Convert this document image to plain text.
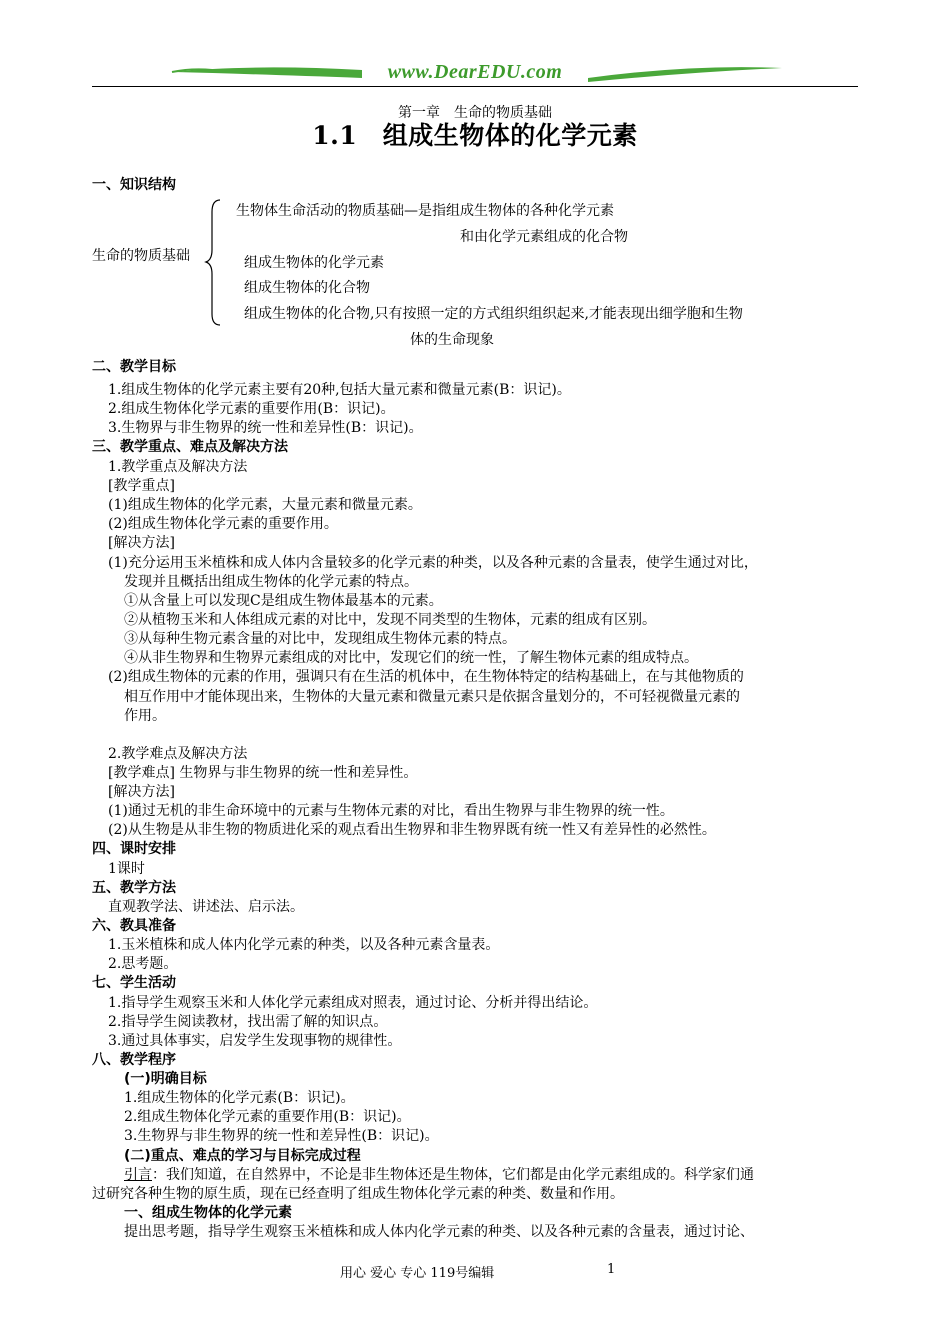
www.DearEDU.com
第一章　生命的物质基础
1.1　组成生物体的化学元素
一、知识结构
生命的物质基础
生物体生命活动的物质基础—是指组成生物体的各种化学元素
和由化学元素组成的化合物
组成生物体的化学元素
组成生物体的化合物
组成生物体的化合物,只有按照一定的方式组织组织起来,才能表现出细学胞和生物
体的生命现象
二、教学目标
1.组成生物体的化学元素主要有20种,包括大量元素和微量元素(B：识记)。
2.组成生物体化学元素的重要作用(B：识记)。
3.生物界与非生物界的统一性和差异性(B：识记)。
三、教学重点、难点及解决方法
1.教学重点及解决方法
[教学重点]
(1)组成生物体的化学元素，大量元素和微量元素。
(2)组成生物体化学元素的重要作用。
[解决方法]
(1)充分运用玉米植株和成人体内含量较多的化学元素的种类，以及各种元素的含量表，使学生通过对比，
发现并且概括出组成生物体的化学元素的特点。
①从含量上可以发现C是组成生物体最基本的元素。
②从植物玉米和人体组成元素的对比中，发现不同类型的生物体，元素的组成有区别。
③从每种生物元素含量的对比中，发现组成生物体元素的特点。
④从非生物界和生物界元素组成的对比中，发现它们的统一性，了解生物体元素的组成特点。
(2)组成生物体的元素的作用，强调只有在生活的机体中，在生物体特定的结构基础上，在与其他物质的
相互作用中才能体现出来，生物体的大量元素和微量元素只是依据含量划分的，不可轻视微量元素的
作用。
2.教学难点及解决方法
[教学难点] 生物界与非生物界的统一性和差异性。
[解决方法]
(1)通过无机的非生命环境中的元素与生物体元素的对比，看出生物界与非生物界的统一性。
(2)从生物是从非生物的物质进化采的观点看出生物界和非生物界既有统一性又有差异性的必然性。
四、课时安排
1课时
五、教学方法
直观教学法、讲述法、启示法。
六、教具准备
1.玉米植株和成人体内化学元素的种类，以及各种元素含量表。
2.思考题。
七、学生活动
1.指导学生观察玉米和人体化学元素组成对照表，通过讨论、分析并得出结论。
2.指导学生阅读教材，找出需了解的知识点。
3.通过具体事实，启发学生发现事物的规律性。
八、教学程序
(一)明确目标
1.组成生物体的化学元素(B：识记)。
2.组成生物体化学元素的重要作用(B：识记)。
3.生物界与非生物界的统一性和差异性(B：识记)。
(二)重点、难点的学习与目标完成过程
引言：我们知道，在自然界中，不论是非生物体还是生物体，它们都是由化学元素组成的。科学家们通
过研究各种生物的原生质，现在已经查明了组成生物体化学元素的种类、数量和作用。
一、组成生物体的化学元素
提出思考题，指导学生观察玉米植株和成人体内化学元素的种类、以及各种元素的含量表，通过讨论、
用心 爱心 专心 119号编辑	1
